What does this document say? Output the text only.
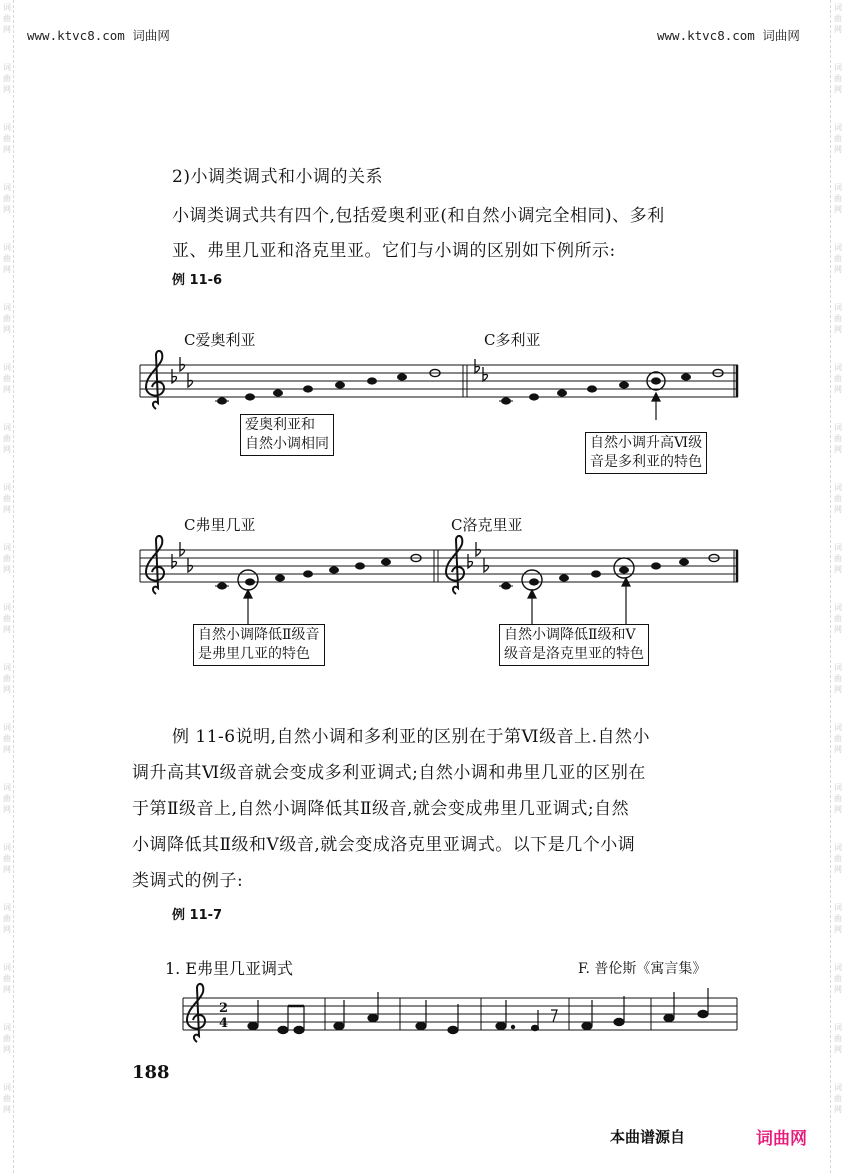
词
曲
网
词
曲
网
词
曲
网
词
曲
网
词
曲
网
词
曲
网
词
曲
网
词
曲
网
词
曲
网
词
曲
网
词
曲
网
词
曲
网
词
曲
网
词
曲
网
词
曲
网
词
曲
网
词
曲
网
词
曲
网
词
曲
网
词
曲
网
词
曲
网
词
曲
网
词
曲
网
词
曲
网
词
曲
网
词
曲
网
词
曲
网
词
曲
网
词
曲
网
词
曲
网
词
曲
网
词
曲
网
词
曲
网
词
曲
网
词
曲
网
词
曲
网
词
曲
网
词
曲
网
www.ktvc8.com 词曲网	www.ktvc8.com 词曲网
2)小调类调式和小调的关系
小调类调式共有四个,包括爱奥利亚(和自然小调完全相同)、多利
亚、弗里几亚和洛克里亚。它们与小调的区别如下例所示:
例 11-6
C爱奥利亚	C多利亚
C弗里几亚	C洛克里亚
爱奥利亚和
自然小调相同	自然小调升高Ⅵ级
音是多利亚的特色
自然小调降低Ⅱ级音
是弗里几亚的特色
自然小调降低Ⅱ级和Ⅴ
级音是洛克里亚的特色
例 11-6说明,自然小调和多利亚的区别在于第Ⅵ级音上.自然小
调升高其Ⅵ级音就会变成多利亚调式;自然小调和弗里几亚的区别在
于第Ⅱ级音上,自然小调降低其Ⅱ级音,就会变成弗里几亚调式;自然
小调降低其Ⅱ级和Ⅴ级音,就会变成洛克里亚调式。以下是几个小调
类调式的例子:
例 11-7
1. E弗里几亚调式	F. 普伦斯《寓言集》
2
4
188
本曲谱源自	词曲网
